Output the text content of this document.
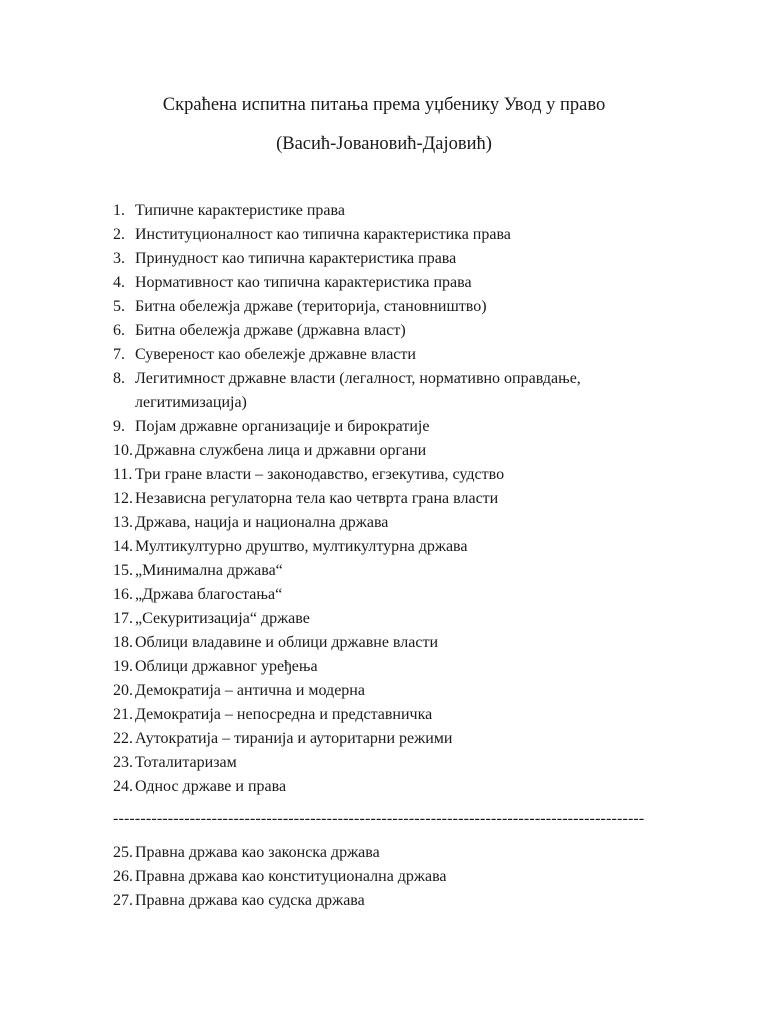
Скраћена испитна питања према уџбенику Увод у право
(Васић-Јовановић-Дајовић)
1. Типичне карактеристике права
2. Институционалност као типична карактеристика права
3. Принудност као типична карактеристика права
4. Нормативност као типична карактеристика права
5. Битна обележја државе (територија, становништво)
6. Битна обележја државе (државна власт)
7. Сувереност као обележје државне власти
8. Легитимност државне власти (легалност, нормативно оправдање, легитимизација)
9. Појам државне организације и бирократије
10. Државна службена лица и државни органи
11. Три гране власти – законодавство, егзекутива, судство
12. Независна регулаторна тела као четврта грана власти
13. Држава, нација и национална држава
14. Мултикултурно друштво, мултикултурна држава
15. „Минимална држава“
16. „Држава благостања“
17. „Секуритизација“ државе
18. Облици владавине и облици државне власти
19. Облици државног уређења
20. Демократија – антична и модерна
21. Демократија – непосредна и представничка
22. Аутократија – тиранија и ауторитарни режими
23. Тоталитаризам
24. Однос државе и права
-------------------------------------------------------------------------------------------------
25. Правна држава као законска држава
26. Правна држава као конституционална држава
27. Правна држава као судска држава
